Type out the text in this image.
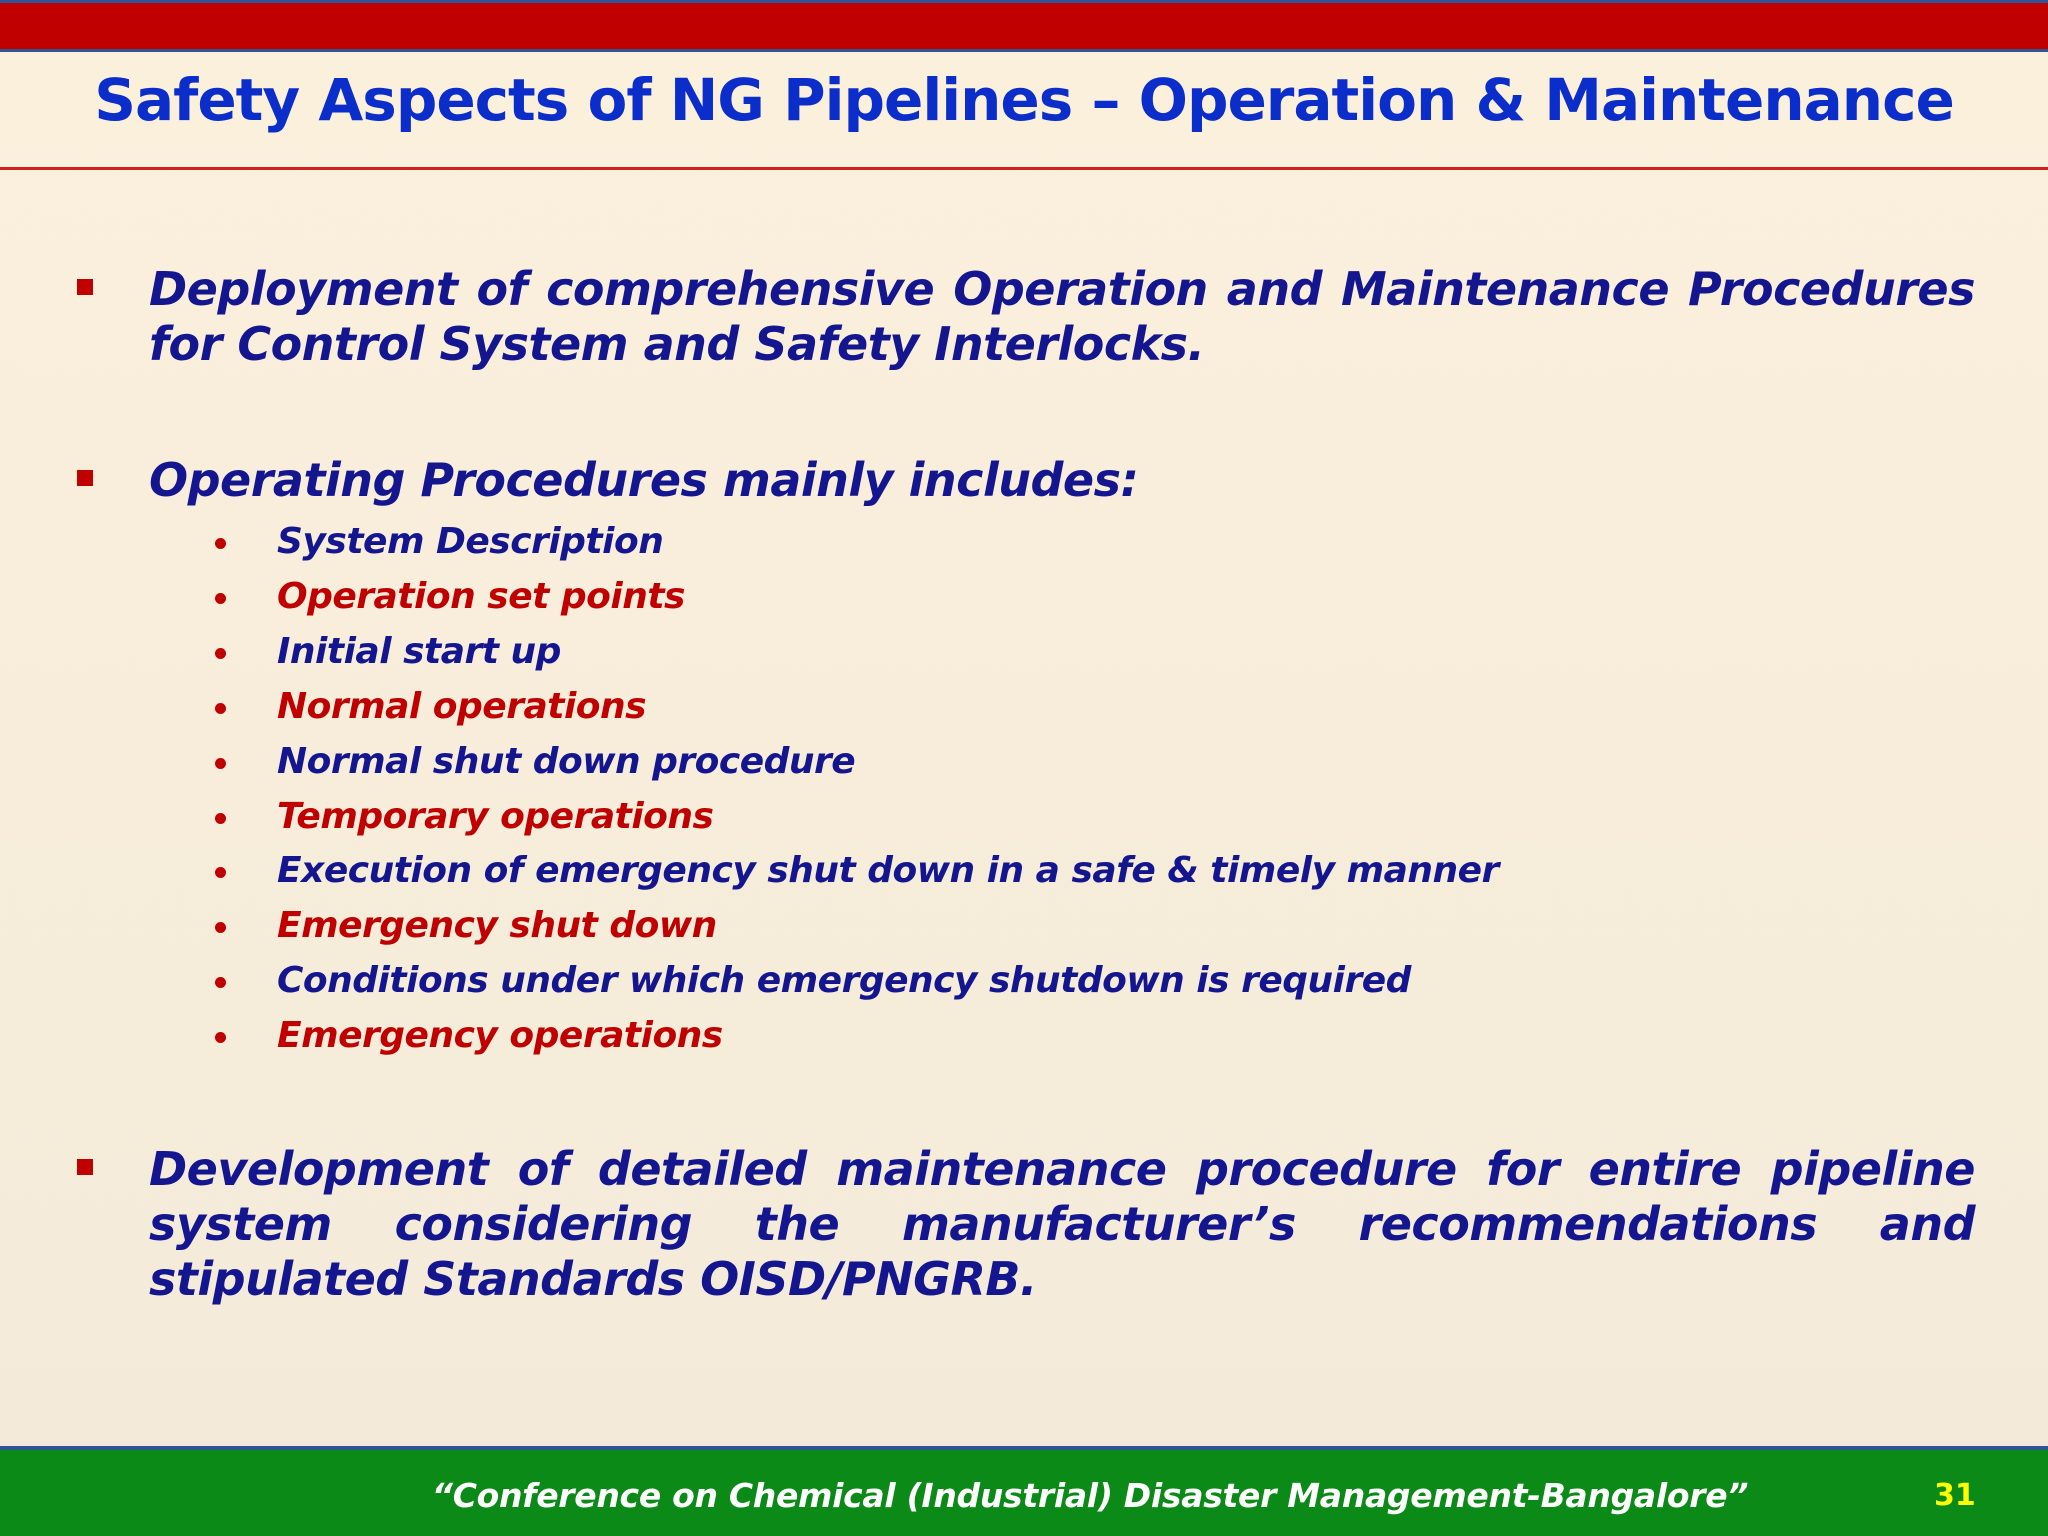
Safety Aspects of NG Pipelines – Operation & Maintenance
Deployment of comprehensive Operation and Maintenance Procedures for Control System and Safety Interlocks.
Operating Procedures mainly includes:
System Description
Operation set points
Initial start up
Normal operations
Normal shut down procedure
Temporary operations
Execution of emergency shut down in a safe & timely manner
Emergency shut down
Conditions under which emergency shutdown is required
Emergency operations
Development of detailed maintenance procedure for entire pipeline system considering the manufacturer’s recommendations and stipulated Standards OISD/PNGRB.
“Conference on Chemical (Industrial) Disaster Management-Bangalore”	31
